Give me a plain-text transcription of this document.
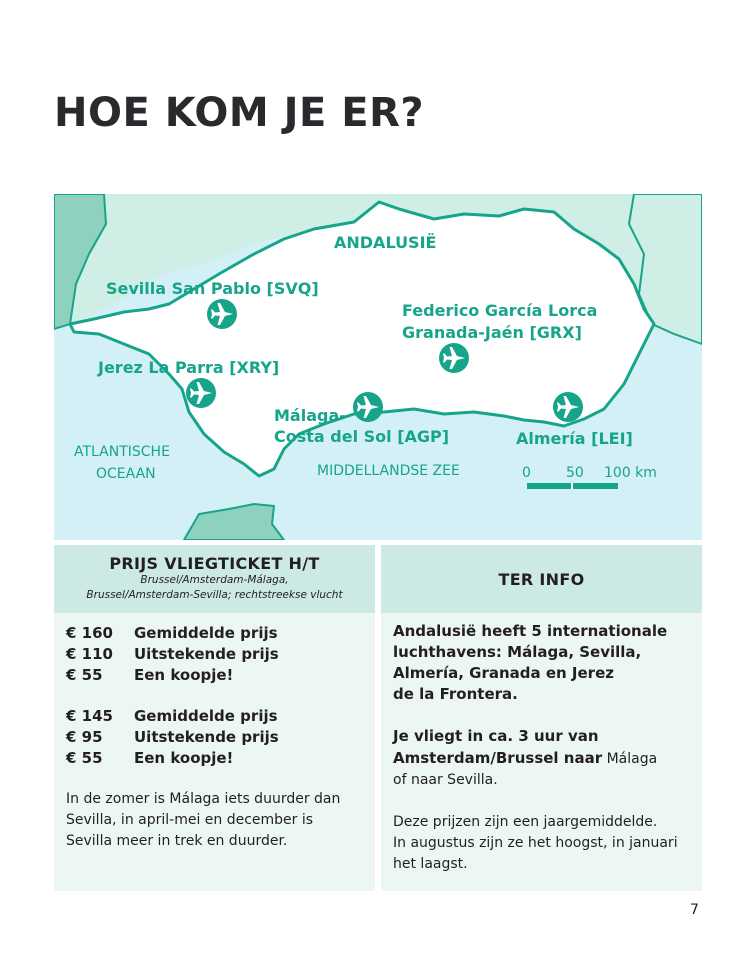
HOE KOM JE ER?
ANDALUSIË
Sevilla San Pablo [SVQ]
Federico García Lorca
Granada-Jaén [GRX]
Jerez La Parra [XRY]
Málaga-
Costa del Sol [AGP]	Almería [LEI]
ATLANTISCHE
OCEAAN	MIDDELLANDSE ZEE	0	50 100 km
PRIJS VLIEGTICKET H/T
Brussel/Amsterdam-Málaga,
Brussel/Amsterdam-Sevilla; rechtstreekse vlucht
€ 160	Gemiddelde prijs
€ 110	Uitstekende prijs
€ 55	Een koopje!
€ 145	Gemiddelde prijs
€ 95	Uitstekende prijs
€ 55	Een koopje!

In de zomer is Málaga iets duurder dan
Sevilla, in april-mei en december is
Sevilla meer in trek en duurder.

TER INFO

Andalusië heeft 5 internationale
luchthavens: Málaga, Sevilla,
Almería, Granada en Jerez
de la Frontera.

Je vliegt in ca. 3 uur van
Amsterdam/Brussel naar Málaga
of naar Sevilla.

Deze prijzen zijn een jaargemiddelde.
In augustus zijn ze het hoogst, in januari
het laagst.

7
